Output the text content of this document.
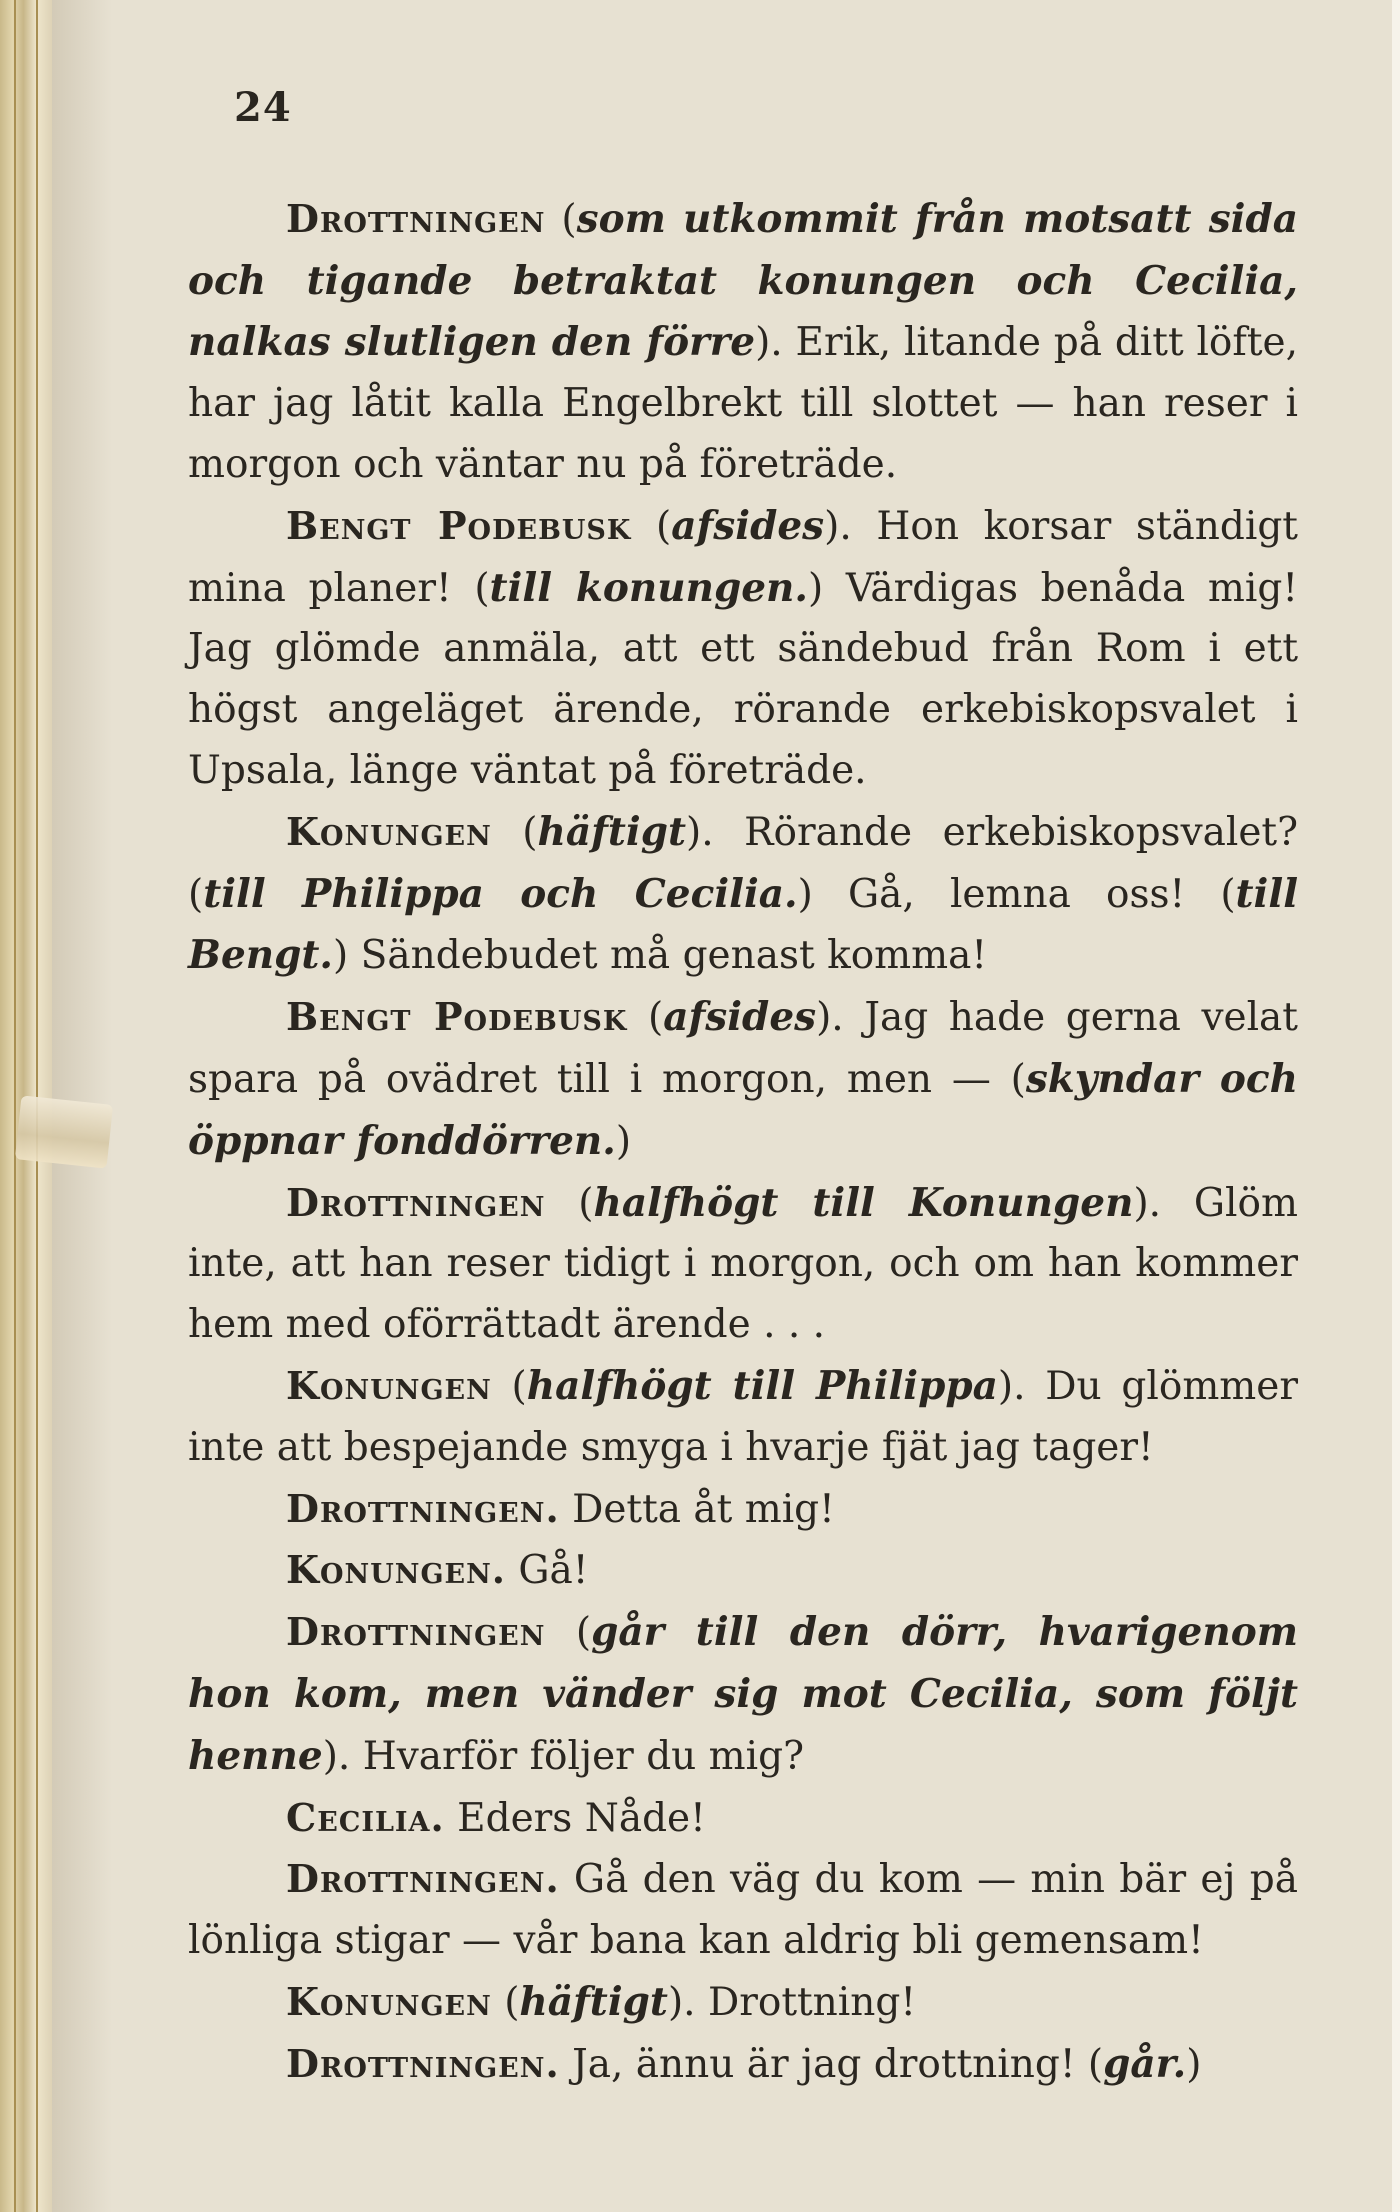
24

Drottningen (som utkommit från motsatt sida och tigande betraktat konungen och Cecilia, nalkas slutligen den förre). Erik, litande på ditt löfte, har jag låtit kalla Engelbrekt till slottet — han reser i morgon och väntar nu på företräde.

Bengt Podebusk (afsides). Hon korsar ständigt mina planer! (till konungen.) Värdigas benåda mig! Jag glömde anmäla, att ett sändebud från Rom i ett högst angeläget ärende, rörande erkebiskopsvalet i Upsala, länge väntat på företräde.

Konungen (häftigt). Rörande erkebiskopsvalet? (till Philippa och Cecilia.) Gå, lemna oss! (till Bengt.) Sändebudet må genast komma!

Bengt Podebusk (afsides). Jag hade gerna velat spara på ovädret till i morgon, men — (skyndar och öppnar fonddörren.)

Drottningen (halfhögt till Konungen). Glöm inte, att han reser tidigt i morgon, och om han kommer hem med oförrättadt ärende . . .

Konungen (halfhögt till Philippa). Du glömmer inte att bespejande smyga i hvarje fjät jag tager!

Drottningen. Detta åt mig!

Konungen. Gå!

Drottningen (går till den dörr, hvarigenom hon kom, men vänder sig mot Cecilia, som följt henne). Hvarför följer du mig?

Cecilia. Eders Nåde!

Drottningen. Gå den väg du kom — min bär ej på lönliga stigar — vår bana kan aldrig bli gemensam!

Konungen (häftigt). Drottning!

Drottningen. Ja, ännu är jag drottning! (går.)
